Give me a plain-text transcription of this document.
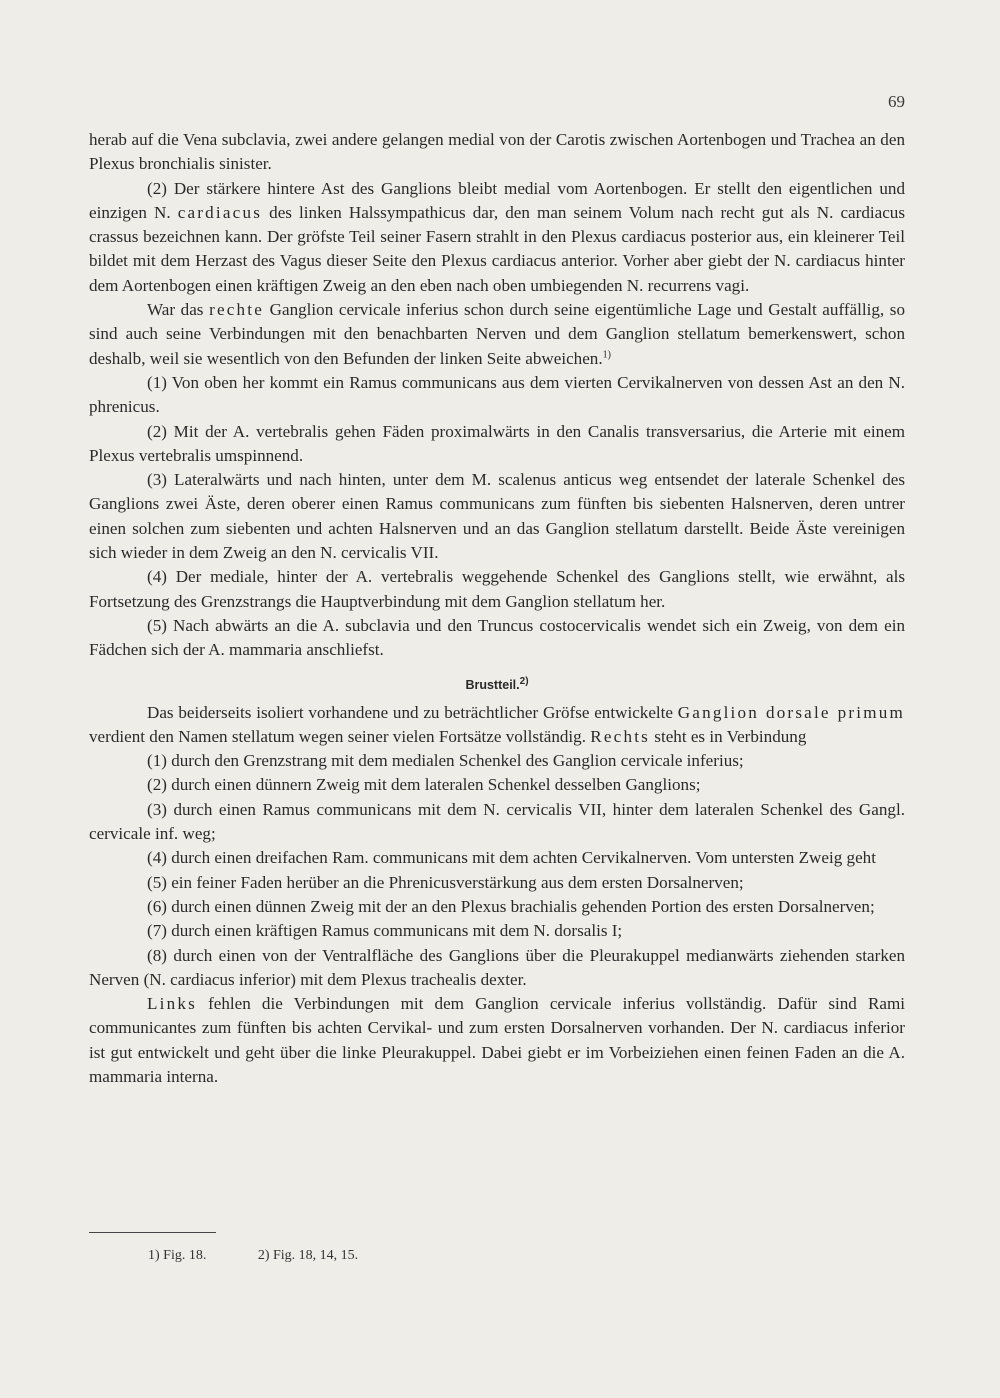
69

herab auf die Vena subclavia, zwei andere gelangen medial von der Carotis zwischen Aortenbogen und Trachea an den Plexus bronchialis sinister.

(2) Der stärkere hintere Ast des Ganglions bleibt medial vom Aortenbogen. Er stellt den eigentlichen und einzigen N. cardiacus des linken Halssympathicus dar, den man seinem Volum nach recht gut als N. cardiacus crassus bezeichnen kann. Der gröfste Teil seiner Fasern strahlt in den Plexus cardiacus posterior aus, ein kleinerer Teil bildet mit dem Herzast des Vagus dieser Seite den Plexus cardiacus anterior. Vorher aber giebt der N. cardiacus hinter dem Aortenbogen einen kräftigen Zweig an den eben nach oben umbiegenden N. recurrens vagi.

War das rechte Ganglion cervicale inferius schon durch seine eigentümliche Lage und Gestalt auffällig, so sind auch seine Verbindungen mit den benachbarten Nerven und dem Ganglion stellatum bemerkenswert, schon deshalb, weil sie wesentlich von den Befunden der linken Seite abweichen.$^{1)}$

(1) Von oben her kommt ein Ramus communicans aus dem vierten Cervikalnerven von dessen Ast an den N. phrenicus.

(2) Mit der A. vertebralis gehen Fäden proximalwärts in den Canalis transversarius, die Arterie mit einem Plexus vertebralis umspinnend.

(3) Lateralwärts und nach hinten, unter dem M. scalenus anticus weg entsendet der laterale Schenkel des Ganglions zwei Äste, deren oberer einen Ramus communicans zum fünften bis siebenten Halsnerven, deren untrer einen solchen zum siebenten und achten Halsnerven und an das Ganglion stellatum darstellt. Beide Äste vereinigen sich wieder in dem Zweig an den N. cervicalis VII.

(4) Der mediale, hinter der A. vertebralis weggehende Schenkel des Ganglions stellt, wie erwähnt, als Fortsetzung des Grenzstrangs die Hauptverbindung mit dem Ganglion stellatum her.

(5) Nach abwärts an die A. subclavia und den Truncus costocervicalis wendet sich ein Zweig, von dem ein Fädchen sich der A. mammaria anschliefst.

Brustteil.$^{2)}$

Das beiderseits isoliert vorhandene und zu beträchtlicher Gröfse entwickelte Ganglion dorsale primum verdient den Namen stellatum wegen seiner vielen Fortsätze vollständig. Rechts steht es in Verbindung

(1) durch den Grenzstrang mit dem medialen Schenkel des Ganglion cervicale inferius;

(2) durch einen dünnern Zweig mit dem lateralen Schenkel desselben Ganglions;

(3) durch einen Ramus communicans mit dem N. cervicalis VII, hinter dem lateralen Schenkel des Gangl. cervicale inf. weg;

(4) durch einen dreifachen Ram. communicans mit dem achten Cervikalnerven. Vom untersten Zweig geht

(5) ein feiner Faden herüber an die Phrenicusverstärkung aus dem ersten Dorsalnerven;

(6) durch einen dünnen Zweig mit der an den Plexus brachialis gehenden Portion des ersten Dorsalnerven;

(7) durch einen kräftigen Ramus communicans mit dem N. dorsalis I;

(8) durch einen von der Ventralfläche des Ganglions über die Pleurakuppel medianwärts ziehenden starken Nerven (N. cardiacus inferior) mit dem Plexus trachealis dexter.

Links fehlen die Verbindungen mit dem Ganglion cervicale inferius vollständig. Dafür sind Rami communicantes zum fünften bis achten Cervikal- und zum ersten Dorsalnerven vorhanden. Der N. cardiacus inferior ist gut entwickelt und geht über die linke Pleurakuppel. Dabei giebt er im Vorbeiziehen einen feinen Faden an die A. mammaria interna.

1) Fig. 18.	2) Fig. 18, 14, 15.
